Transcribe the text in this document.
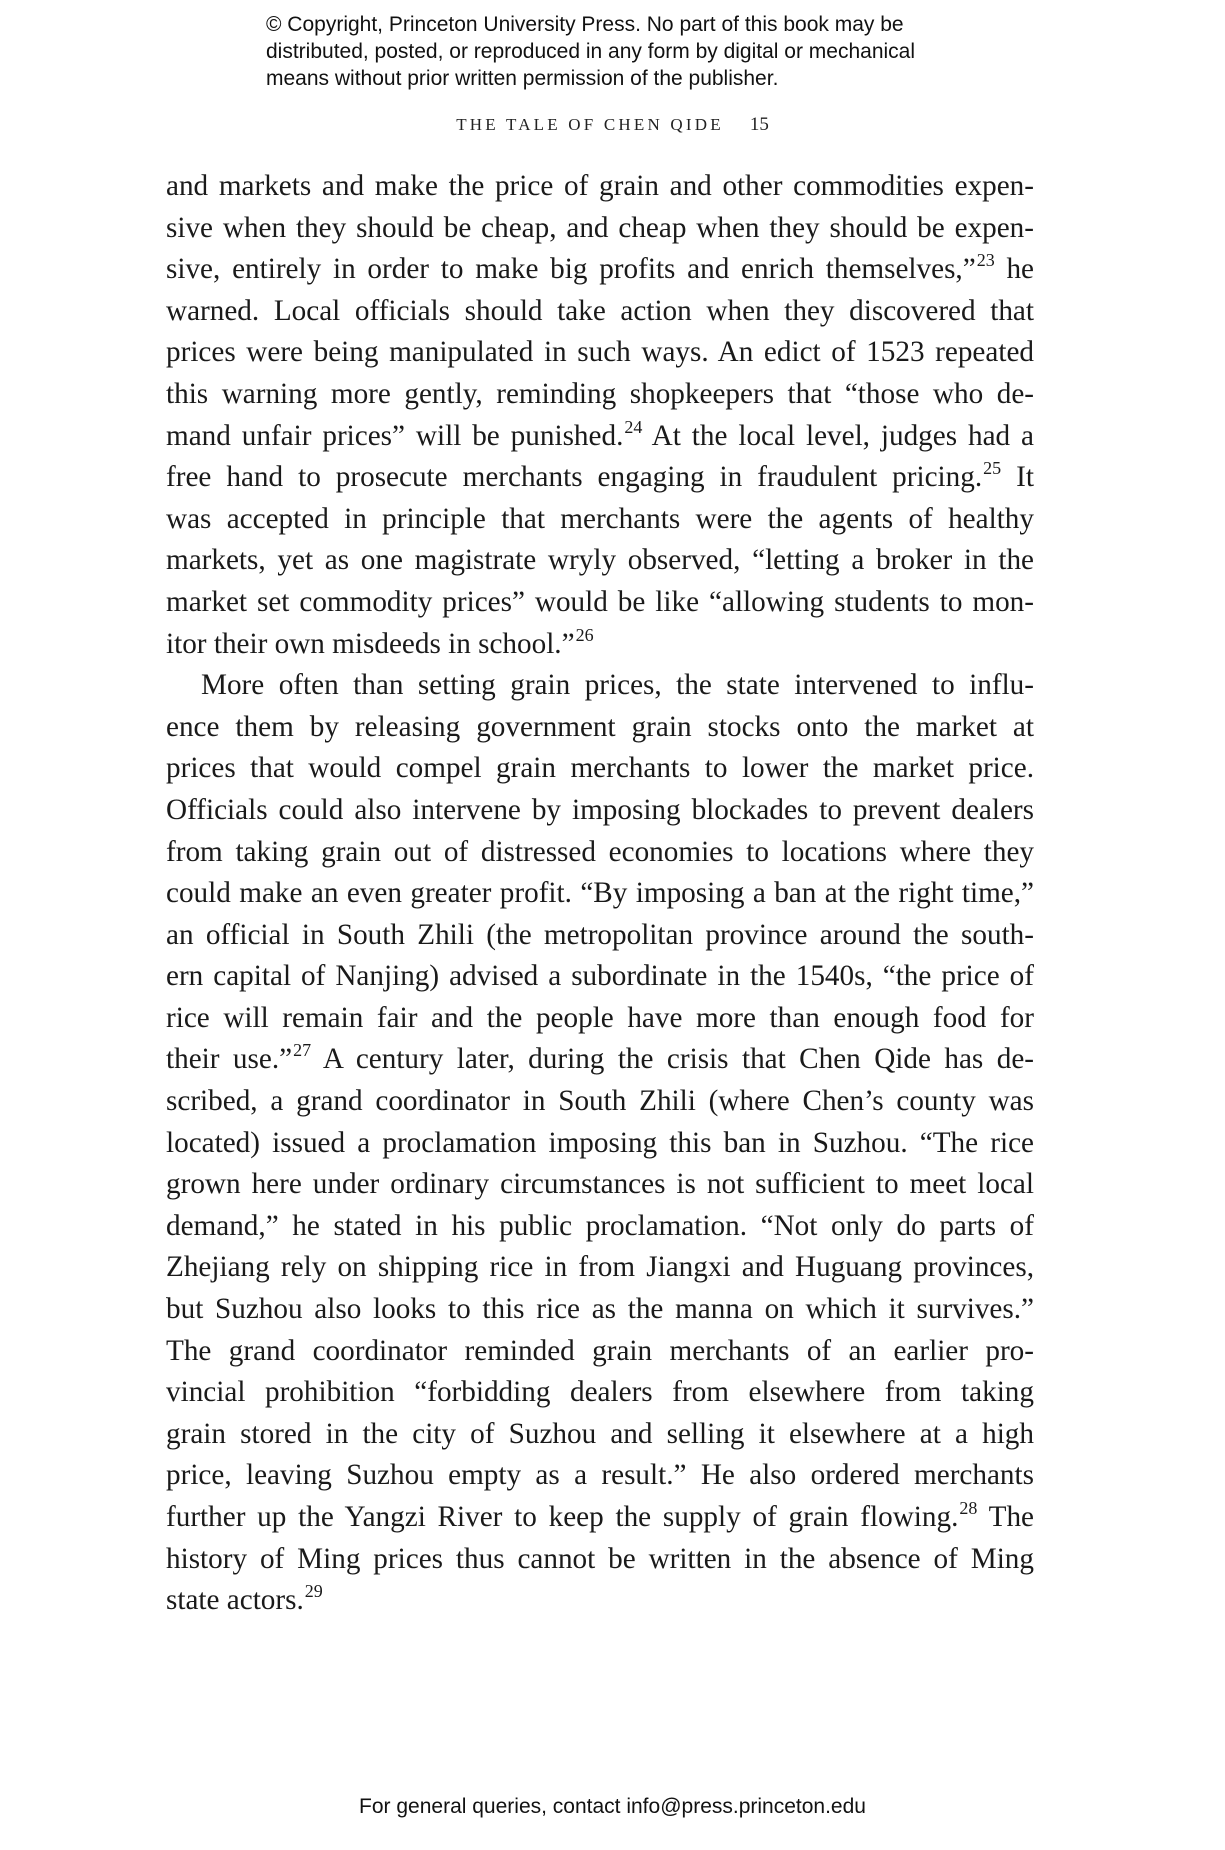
© Copyright, Princeton University Press. No part of this book may be
distributed, posted, or reproduced in any form by digital or mechanical
means without prior written permission of the publisher.
THE TALE OF CHEN QIDE 15
and markets and make the price of grain and other commodities expen-
sive when they should be cheap, and cheap when they should be expen-
sive, entirely in order to make big profits and enrich themselves,”$^{23}$ he
warned. Local officials should take action when they discovered that
prices were being manipulated in such ways. An edict of 1523 repeated
this warning more gently, reminding shopkeepers that “those who de-
mand unfair prices” will be punished.$^{24}$ At the local level, judges had a
free hand to prosecute merchants engaging in fraudulent pricing.$^{25}$ It
was accepted in principle that merchants were the agents of healthy
markets, yet as one magistrate wryly observed, “letting a broker in the
market set commodity prices” would be like “allowing students to mon-
itor their own misdeeds in school.”$^{26}$
More often than setting grain prices, the state intervened to influ-
ence them by releasing government grain stocks onto the market at
prices that would compel grain merchants to lower the market price.
Officials could also intervene by imposing blockades to prevent dealers
from taking grain out of distressed economies to locations where they
could make an even greater profit. “By imposing a ban at the right time,”
an official in South Zhili (the metropolitan province around the south-
ern capital of Nanjing) advised a subordinate in the 1540s, “the price of
rice will remain fair and the people have more than enough food for
their use.”$^{27}$ A century later, during the crisis that Chen Qide has de-
scribed, a grand coordinator in South Zhili (where Chen’s county was
located) issued a proclamation imposing this ban in Suzhou. “The rice
grown here under ordinary circumstances is not sufficient to meet local
demand,” he stated in his public proclamation. “Not only do parts of
Zhejiang rely on shipping rice in from Jiangxi and Huguang provinces,
but Suzhou also looks to this rice as the manna on which it survives.”
The grand coordinator reminded grain merchants of an earlier pro-
vincial prohibition “forbidding dealers from elsewhere from taking
grain stored in the city of Suzhou and selling it elsewhere at a high
price, leaving Suzhou empty as a result.” He also ordered merchants
further up the Yangzi River to keep the supply of grain flowing.$^{28}$ The
history of Ming prices thus cannot be written in the absence of Ming
state actors.$^{29}$
For general queries, contact info@press.princeton.edu
